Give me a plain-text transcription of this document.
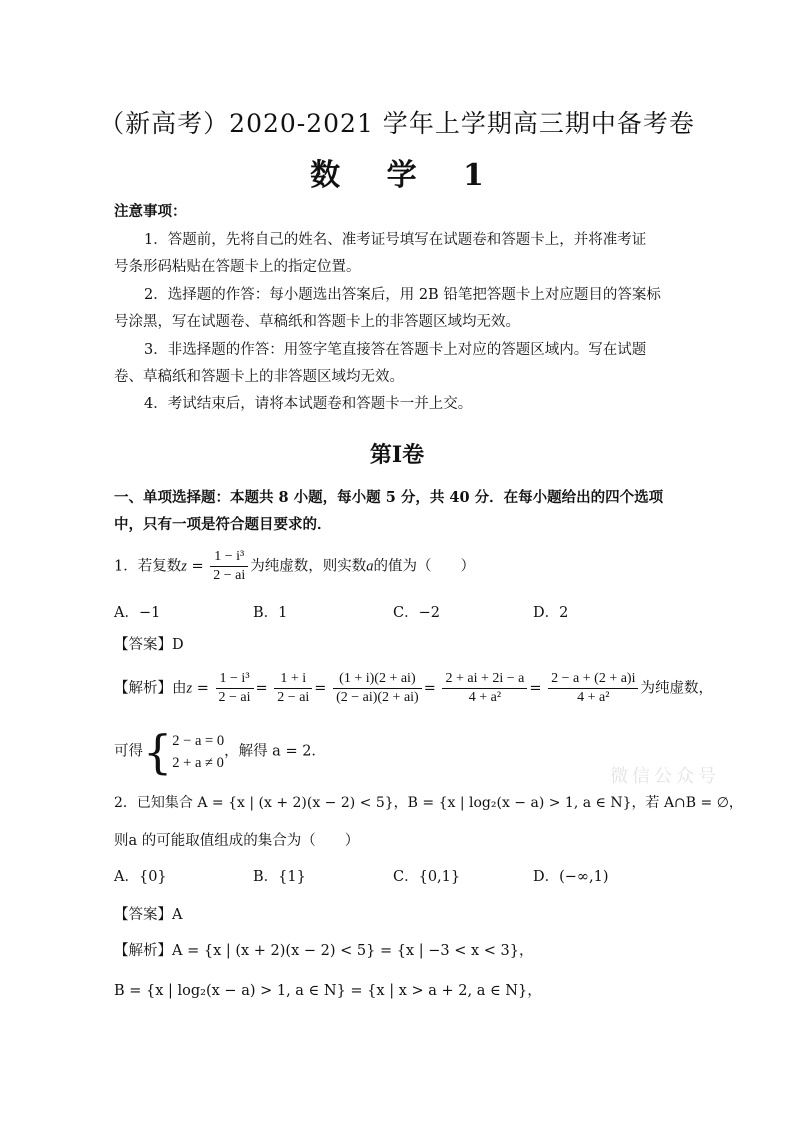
（新高考）2020-2021 学年上学期高三期中备考卷
数 学 1
注意事项：
1．答题前，先将自己的姓名、准考证号填写在试题卷和答题卡上，并将准考证
号条形码粘贴在答题卡上的指定位置。
2．选择题的作答：每小题选出答案后，用 2B 铅笔把答题卡上对应题目的答案标
号涂黑，写在试题卷、草稿纸和答题卡上的非答题区域均无效。
3．非选择题的作答：用签字笔直接答在答题卡上对应的答题区域内。写在试题
卷、草稿纸和答题卡上的非答题区域均无效。
4．考试结束后，请将本试题卷和答题卡一并上交。
第Ⅰ卷
一、单项选择题：本题共 8 小题，每小题 5 分，共 40 分．在每小题给出的四个选项
中，只有一项是符合题目要求的．
1．若复数$z = \frac{\text{1 − i³}}{2 - ai}$ 为纯虚数，则实数a的值为（　　）
A．−1	B．1	C．−2	D．2
【答案】D
【解析】由$z = \frac{\text{1 − i³}}{2 - ai} = \frac{1 + i}{2 - ai} = \frac{(1 + i)(2 + ai)}{(2 - ai)(2 + ai)} = \frac{2 + ai + 2i - a}{\text{4 + a²}} = \frac{2 - a + (2 + a)i}{\text{4 + a²}}$ 为纯虚数，
可得{ 2 − a = 0
2 + a ≠ 0
，解得 a = 2．
2．已知集合 A = {x | (x + 2)(x − 2) < 5}，B = {x | log₂(x − a) > 1, a ∈ N}，若 A∩B = ∅，
则a 的可能取值组成的集合为（　　）
A．{0}	B．{1}	C．{0,1}	D．(−∞,1)
【答案】A
【解析】A = {x | (x + 2)(x − 2) < 5} = {x | −3 < x < 3}，
B = {x | log₂(x − a) > 1, a ∈ N} = {x | x > a + 2, a ∈ N}，
微信公众号
